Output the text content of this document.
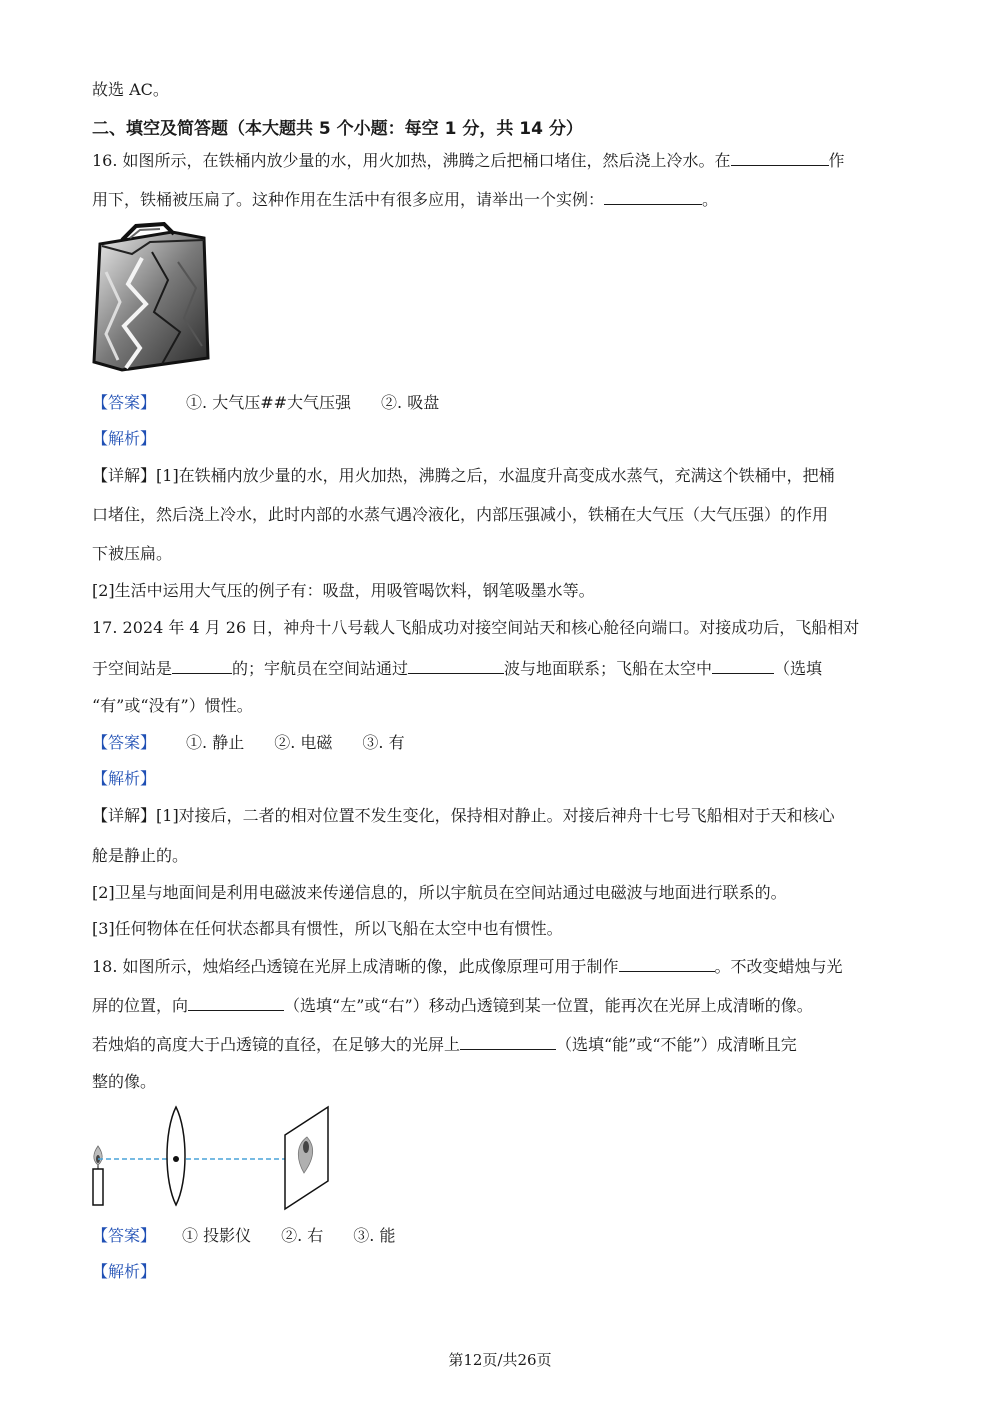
故选 AC。
二、填空及简答题（本大题共 5 个小题：每空 1 分，共 14 分）
16. 如图所示，在铁桶内放少量的水，用火加热，沸腾之后把桶口堵住，然后浇上冷水。在	作
用下，铁桶被压扁了。这种作用在生活中有很多应用，请举出一个实例：	。
【答案】 ①. 大气压##大气压强 ②. 吸盘
【解析】
【详解】[1]在铁桶内放少量的水，用火加热，沸腾之后，水温度升高变成水蒸气，充满这个铁桶中，把桶
口堵住，然后浇上冷水，此时内部的水蒸气遇冷液化，内部压强减小，铁桶在大气压（大气压强）的作用
下被压扁。
[2]生活中运用大气压的例子有：吸盘，用吸管喝饮料，钢笔吸墨水等。
17. 2024 年 4 月 26 日，神舟十八号载人飞船成功对接空间站天和核心舱径向端口。对接成功后，飞船相对
于空间站是	的；宇航员在空间站通过	波与地面联系；飞船在太空中	（选填
“有”或“没有”）惯性。
【答案】 ①. 静止 ②. 电磁 ③. 有
【解析】
【详解】[1]对接后，二者的相对位置不发生变化，保持相对静止。对接后神舟十七号飞船相对于天和核心
舱是静止的。
[2]卫星与地面间是利用电磁波来传递信息的，所以宇航员在空间站通过电磁波与地面进行联系的。
[3]任何物体在任何状态都具有惯性，所以飞船在太空中也有惯性。
18. 如图所示，烛焰经凸透镜在光屏上成清晰的像，此成像原理可用于制作	。不改变蜡烛与光
屏的位置，向	（选填“左”或“右”）移动凸透镜到某一位置，能再次在光屏上成清晰的像。
若烛焰的高度大于凸透镜的直径，在足够大的光屏上	（选填“能”或“不能”）成清晰且完
整的像。
【答案】 ① 投影仪 ②. 右 ③. 能
【解析】
第12页/共26页
